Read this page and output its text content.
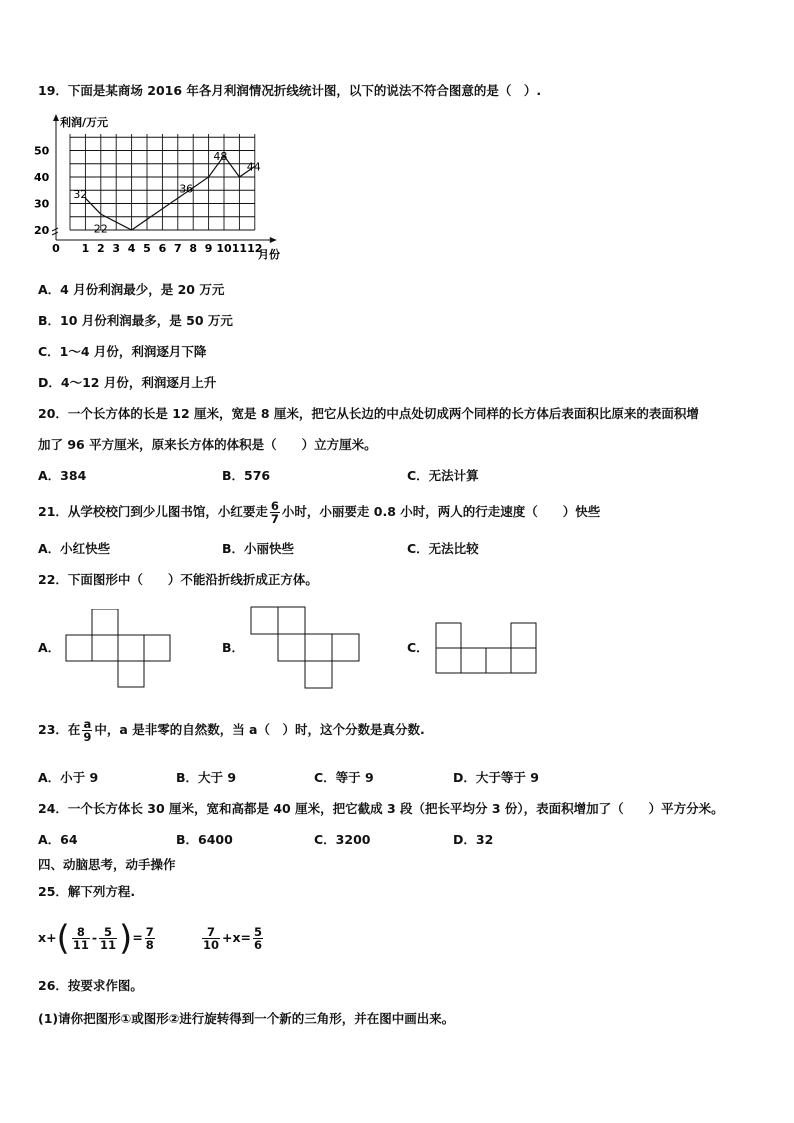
19．下面是某商场 2016 年各月利润情况折线统计图，以下的说法不符合图意的是（　）.
利润/万元
月份
20
30
40
50
0 1 2 3 4 5 6 7 8 9 10 11 12
32
22
36
48
44
A．4 月份利润最少，是 20 万元
B．10 月份利润最多，是 50 万元
C．1～4 月份，利润逐月下降
D．4～12 月份，利润逐月上升
20．一个长方体的长是 12 厘米，宽是 8 厘米，把它从长边的中点处切成两个同样的长方体后表面积比原来的表面积增
加了 96 平方厘米，原来长方体的体积是（　　）立方厘米。
A．384	B．576	C．无法计算
21．从学校校门到少儿图书馆，小红要走 $\frac{6}{7}$ 小时，小丽要走 0.8 小时，两人的行走速度（　　）快些
A．小红快些	B．小丽快些	C．无法比较
22．下面图形中（　　）不能沿折线折成正方体。
A．	B．	C．
23．在 $\frac{a}{9}$ 中，a 是非零的自然数，当 a（　）时，这个分数是真分数.
A．小于 9	B．大于 9	C．等于 9	D．大于等于 9
24．一个长方体长 30 厘米，宽和高都是 40 厘米，把它截成 3 段（把长平均分 3 份），表面积增加了（　　）平方分米。
A．64	B．6400	C．3200	D．32
四、动脑思考，动手操作
25．解下列方程.
$x+( \frac{8}{11} - \frac{5}{11}$ )= $\frac{7}{8}$	$\frac{7}{10} +x= \frac{5}{6}$
26．按要求作图。
(1)请你把图形①或图形②进行旋转得到一个新的三角形，并在图中画出来。
